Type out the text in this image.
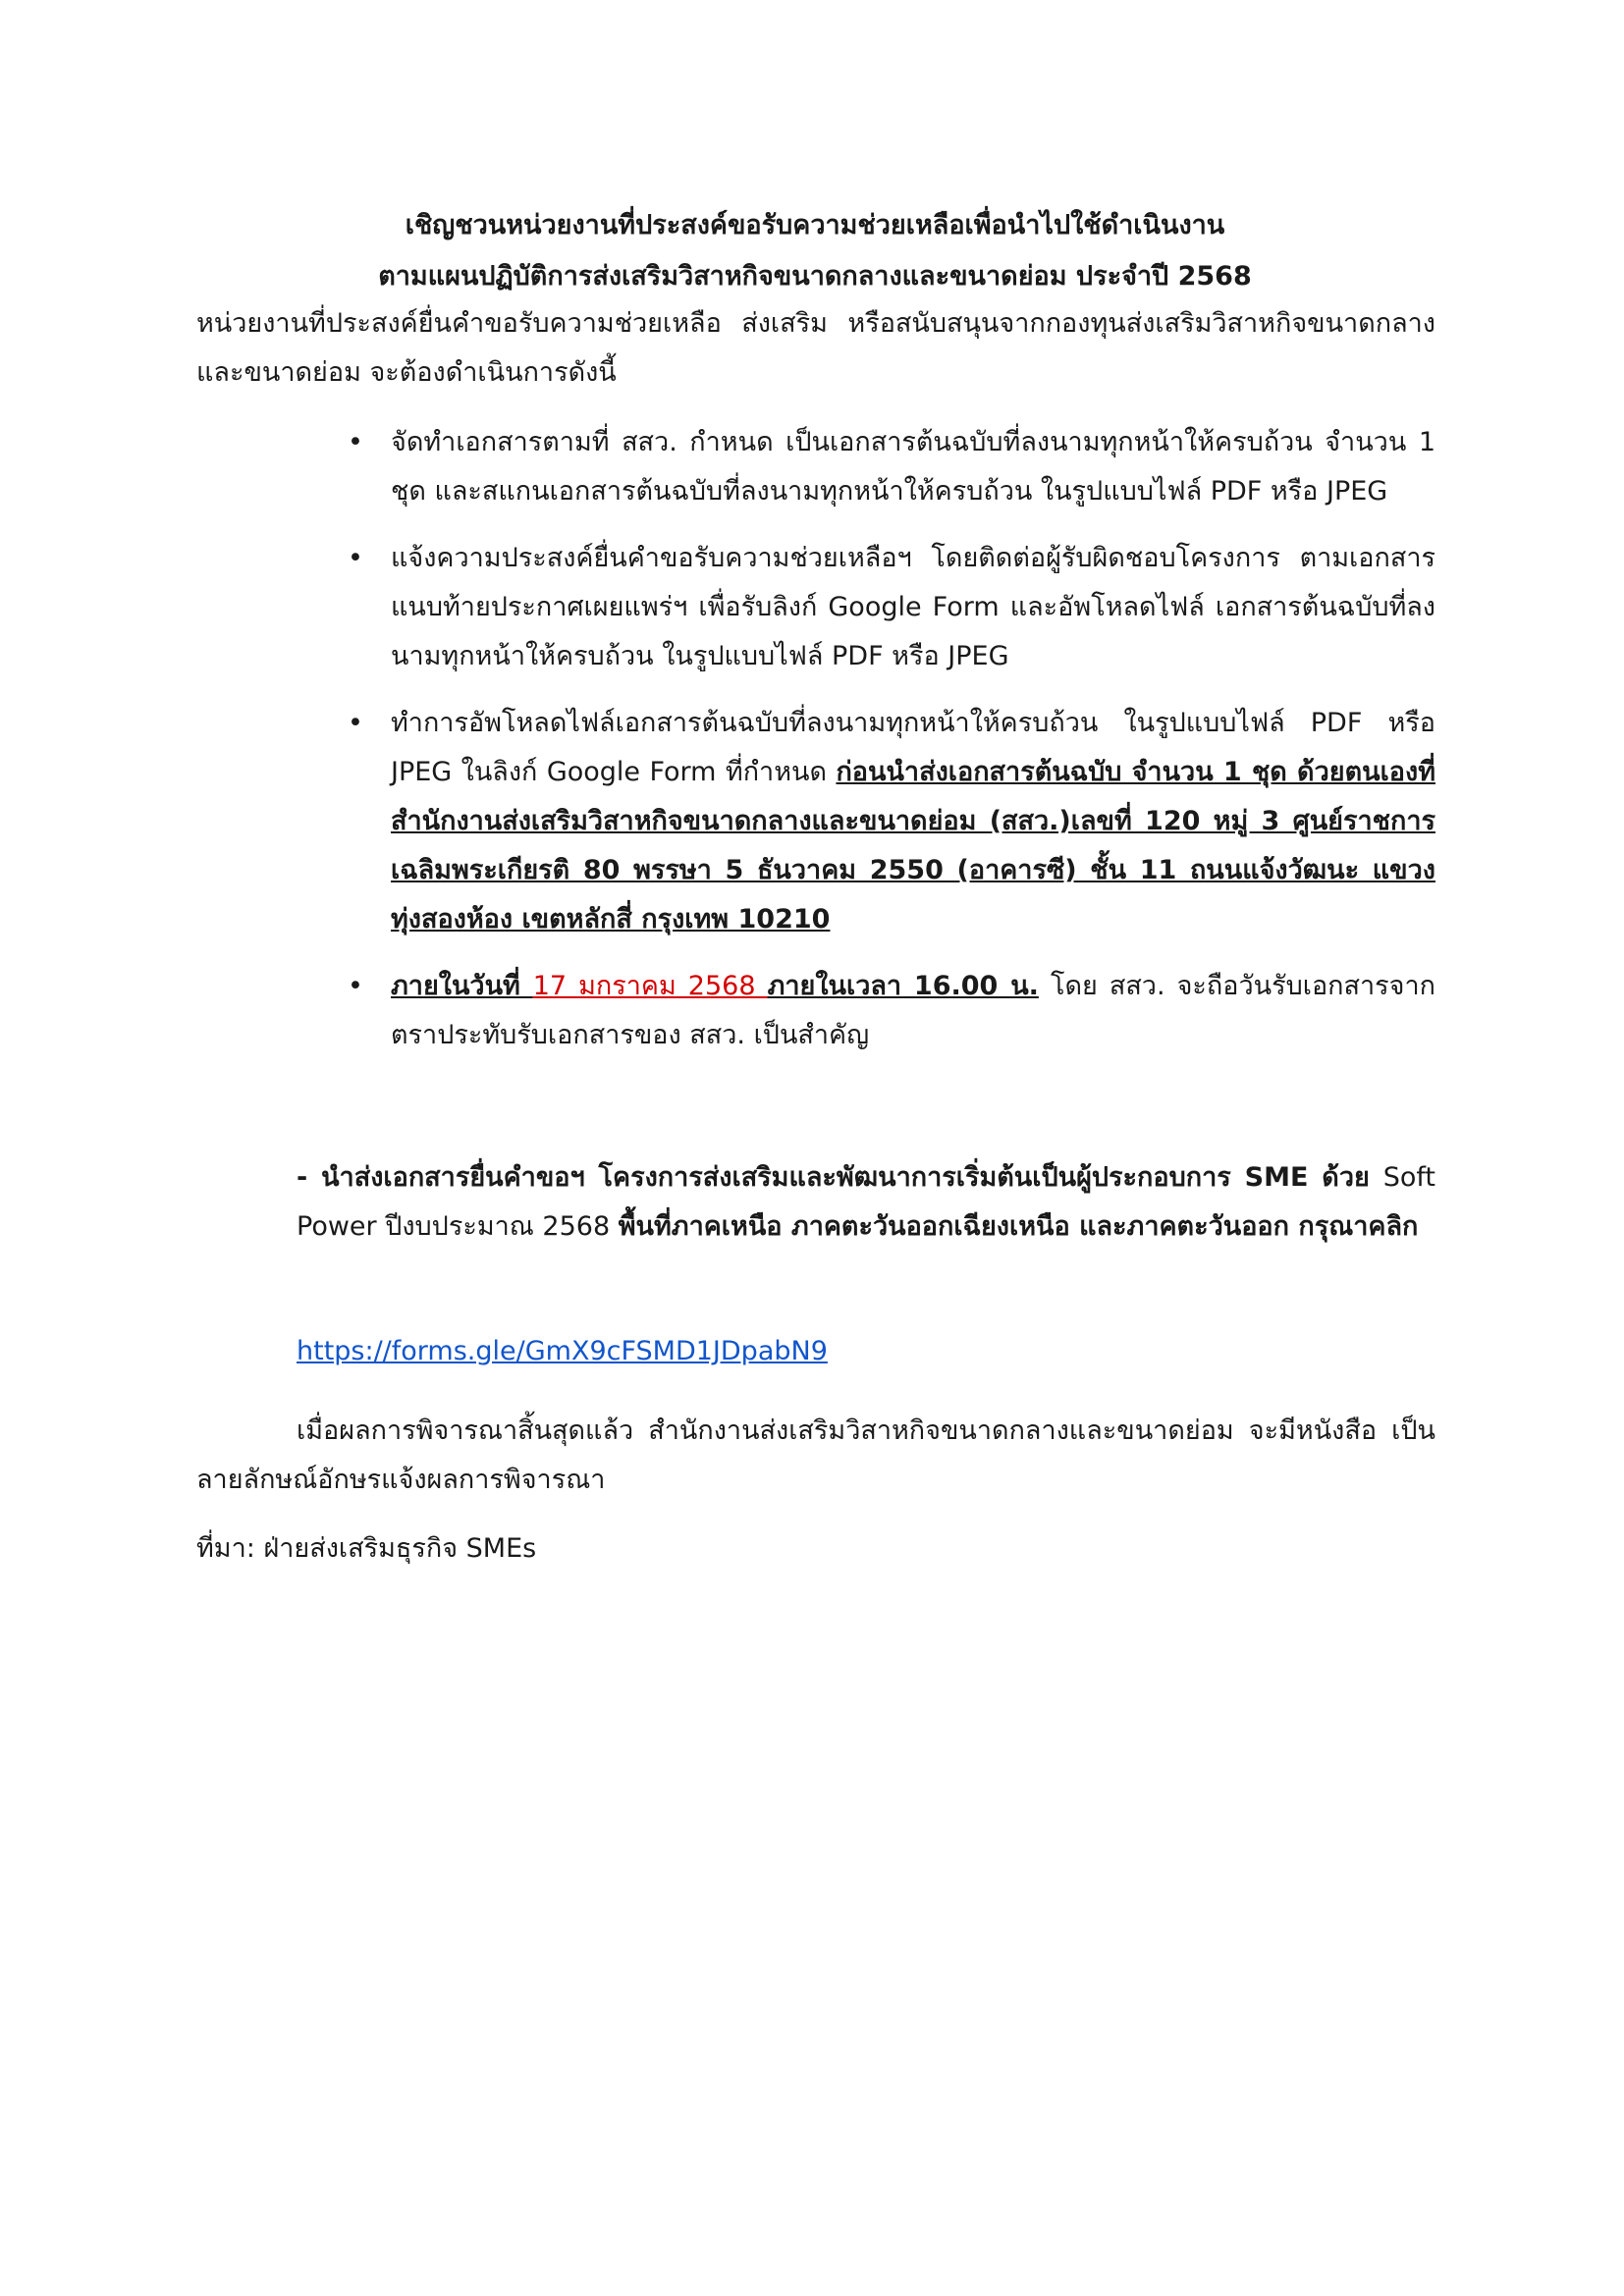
เชิญชวนหน่วยงานที่ประสงค์ขอรับความช่วยเหลือเพื่อนำไปใช้ดำเนินงาน
ตามแผนปฏิบัติการส่งเสริมวิสาหกิจขนาดกลางและขนาดย่อม ประจำปี 2568
หน่วยงานที่ประสงค์ยื่นคำขอรับความช่วยเหลือ ส่งเสริม หรือสนับสนุนจากกองทุนส่งเสริมวิสาหกิจขนาดกลาง และขนาดย่อม จะต้องดำเนินการดังนี้
• จัดทำเอกสารตามที่ สสว. กำหนด เป็นเอกสารต้นฉบับที่ลงนามทุกหน้าให้ครบถ้วน จำนวน 1 ชุด และสแกนเอกสารต้นฉบับที่ลงนามทุกหน้าให้ครบถ้วน ในรูปแบบไฟล์ PDF หรือ JPEG
• แจ้งความประสงค์ยื่นคำขอรับความช่วยเหลือฯ โดยติดต่อผู้รับผิดชอบโครงการ ตามเอกสารแนบท้ายประกาศเผยแพร่ฯ เพื่อรับลิงก์ Google Form และอัพโหลดไฟล์ เอกสารต้นฉบับที่ลงนามทุกหน้าให้ครบถ้วน ในรูปแบบไฟล์ PDF หรือ JPEG
• ทำการอัพโหลดไฟล์เอกสารต้นฉบับที่ลงนามทุกหน้าให้ครบถ้วน ในรูปแบบไฟล์ PDF หรือ JPEG ในลิงก์ Google Form ที่กำหนด ก่อนนำส่งเอกสารต้นฉบับ จำนวน 1 ชุด ด้วยตนเองที่ สำนักงานส่งเสริมวิสาหกิจขนาดกลางและขนาดย่อม (สสว.)เลขที่ 120 หมู่ 3 ศูนย์ราชการเฉลิมพระเกียรติ 80 พรรษา 5 ธันวาคม 2550 (อาคารซี) ชั้น 11 ถนนแจ้งวัฒนะ แขวงทุ่งสองห้อง เขตหลักสี่ กรุงเทพ 10210
• ภายในวันที่ 17 มกราคม 2568 ภายในเวลา 16.00 น. โดย สสว. จะถือวันรับเอกสารจาก ตราประทับรับเอกสารของ สสว. เป็นสำคัญ
- นำส่งเอกสารยื่นคำขอฯ โครงการส่งเสริมและพัฒนาการเริ่มต้นเป็นผู้ประกอบการ SME ด้วย Soft Power ปีงบประมาณ 2568 พื้นที่ภาคเหนือ ภาคตะวันออกเฉียงเหนือ และภาคตะวันออก กรุณาคลิก
https://forms.gle/GmX9cFSMD1JDpabN9
เมื่อผลการพิจารณาสิ้นสุดแล้ว สำนักงานส่งเสริมวิสาหกิจขนาดกลางและขนาดย่อม จะมีหนังสือ เป็นลายลักษณ์อักษรแจ้งผลการพิจารณา
ที่มา: ฝ่ายส่งเสริมธุรกิจ SMEs
